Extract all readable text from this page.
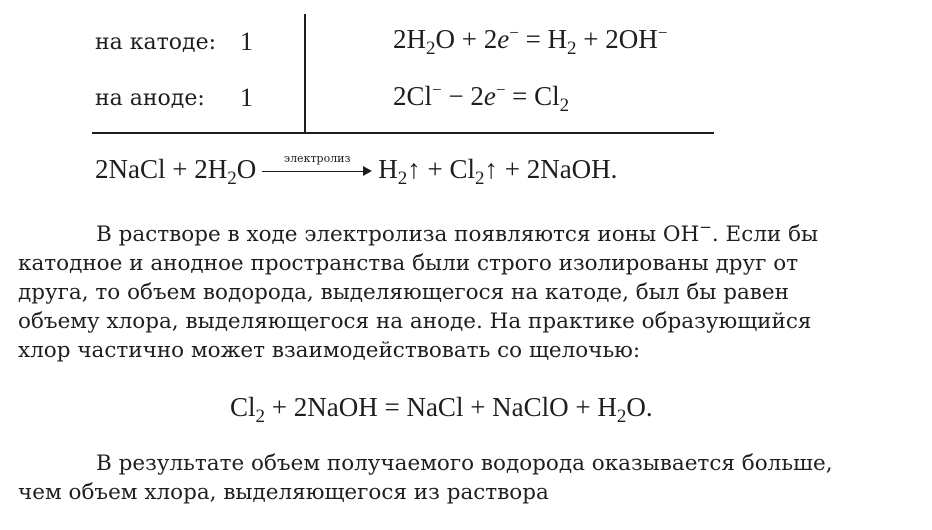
на катоде: 1	$2H_2O + 2e^- = H_2 + 2OH^-$
на аноде: 1	$2Cl^- - 2e^- = Cl_2$
2NaCl + $2H_2O$	электролиз	$H_2↑$ + $Cl_2↑$ + 2NaOH.
В растворе в ходе электролиза появляются ионы OH−. Если бы
катодное и анодное пространства были строго изолированы друг от
друга, то объем водорода, выделяющегося на катоде, был бы равен
объему хлора, выделяющегося на аноде. На практике образующийся
хлор частично может взаимодействовать со щелочью:
$Cl_2$ + 2NaOH = NaCl + NaClO + $H_2O$.
В результате объем получаемого водорода оказывается больше,
чем объем хлора, выделяющегося из раствора
